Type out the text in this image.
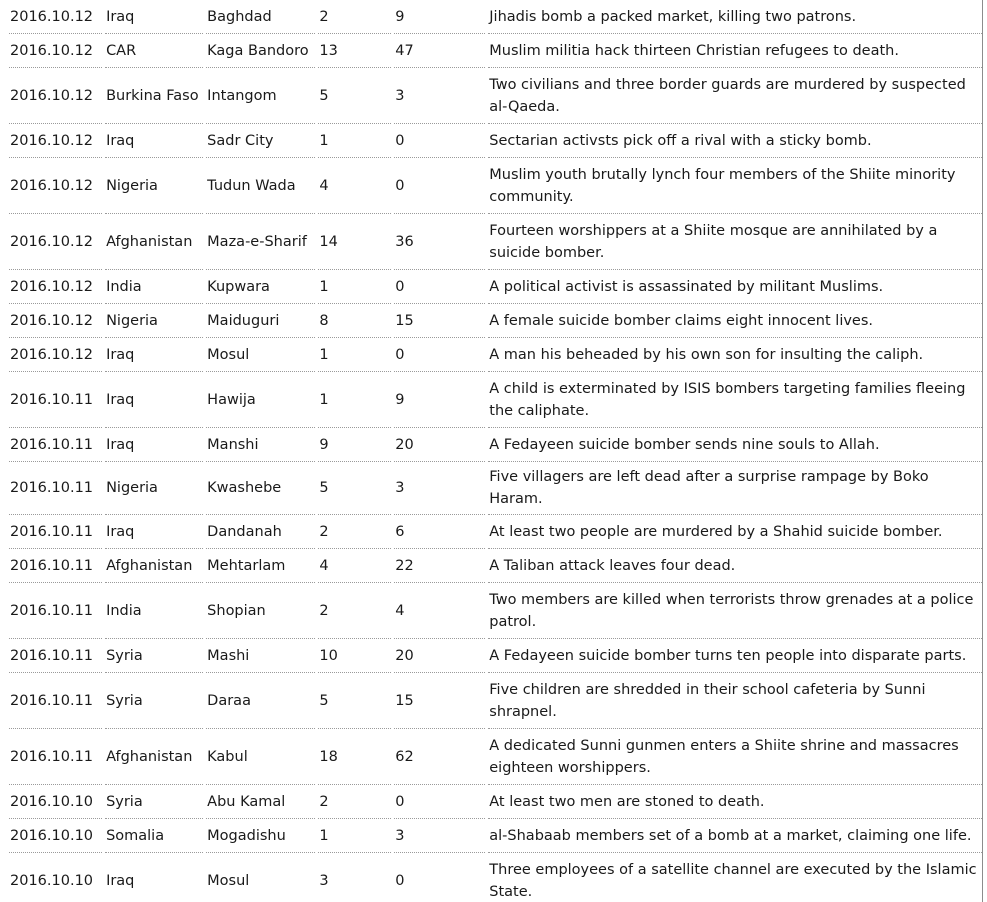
2016.10.12	Iraq	Baghdad	2	9	Jihadis bomb a packed market, killing two patrons.
2016.10.12	CAR	Kaga Bandoro	13	47	Muslim militia hack thirteen Christian refugees to death.
2016.10.12	Burkina Faso	Intangom	5	3	Two civilians and three border guards are murdered by suspected al-Qaeda.
2016.10.12	Iraq	Sadr City	1	0	Sectarian activsts pick off a rival with a sticky bomb.
2016.10.12	Nigeria	Tudun Wada	4	0	Muslim youth brutally lynch four members of the Shiite minority community.
2016.10.12	Afghanistan	Maza-e-Sharif	14	36	Fourteen worshippers at a Shiite mosque are annihilated by a suicide bomber.
2016.10.12	India	Kupwara	1	0	A political activist is assassinated by militant Muslims.
2016.10.12	Nigeria	Maiduguri	8	15	A female suicide bomber claims eight innocent lives.
2016.10.12	Iraq	Mosul	1	0	A man his beheaded by his own son for insulting the caliph.
2016.10.11	Iraq	Hawija	1	9	A child is exterminated by ISIS bombers targeting families fleeing the caliphate.
2016.10.11	Iraq	Manshi	9	20	A Fedayeen suicide bomber sends nine souls to Allah.
2016.10.11	Nigeria	Kwashebe	5	3	Five villagers are left dead after a surprise rampage by Boko Haram.
2016.10.11	Iraq	Dandanah	2	6	At least two people are murdered by a Shahid suicide bomber.
2016.10.11	Afghanistan	Mehtarlam	4	22	A Taliban attack leaves four dead.
2016.10.11	India	Shopian	2	4	Two members are killed when terrorists throw grenades at a police patrol.
2016.10.11	Syria	Mashi	10	20	A Fedayeen suicide bomber turns ten people into disparate parts.
2016.10.11	Syria	Daraa	5	15	Five children are shredded in their school cafeteria by Sunni shrapnel.
2016.10.11	Afghanistan	Kabul	18	62	A dedicated Sunni gunmen enters a Shiite shrine and massacres eighteen worshippers.
2016.10.10	Syria	Abu Kamal	2	0	At least two men are stoned to death.
2016.10.10	Somalia	Mogadishu	1	3	al-Shabaab members set of a bomb at a market, claiming one life.
2016.10.10	Iraq	Mosul	3	0	Three employees of a satellite channel are executed by the Islamic State.
